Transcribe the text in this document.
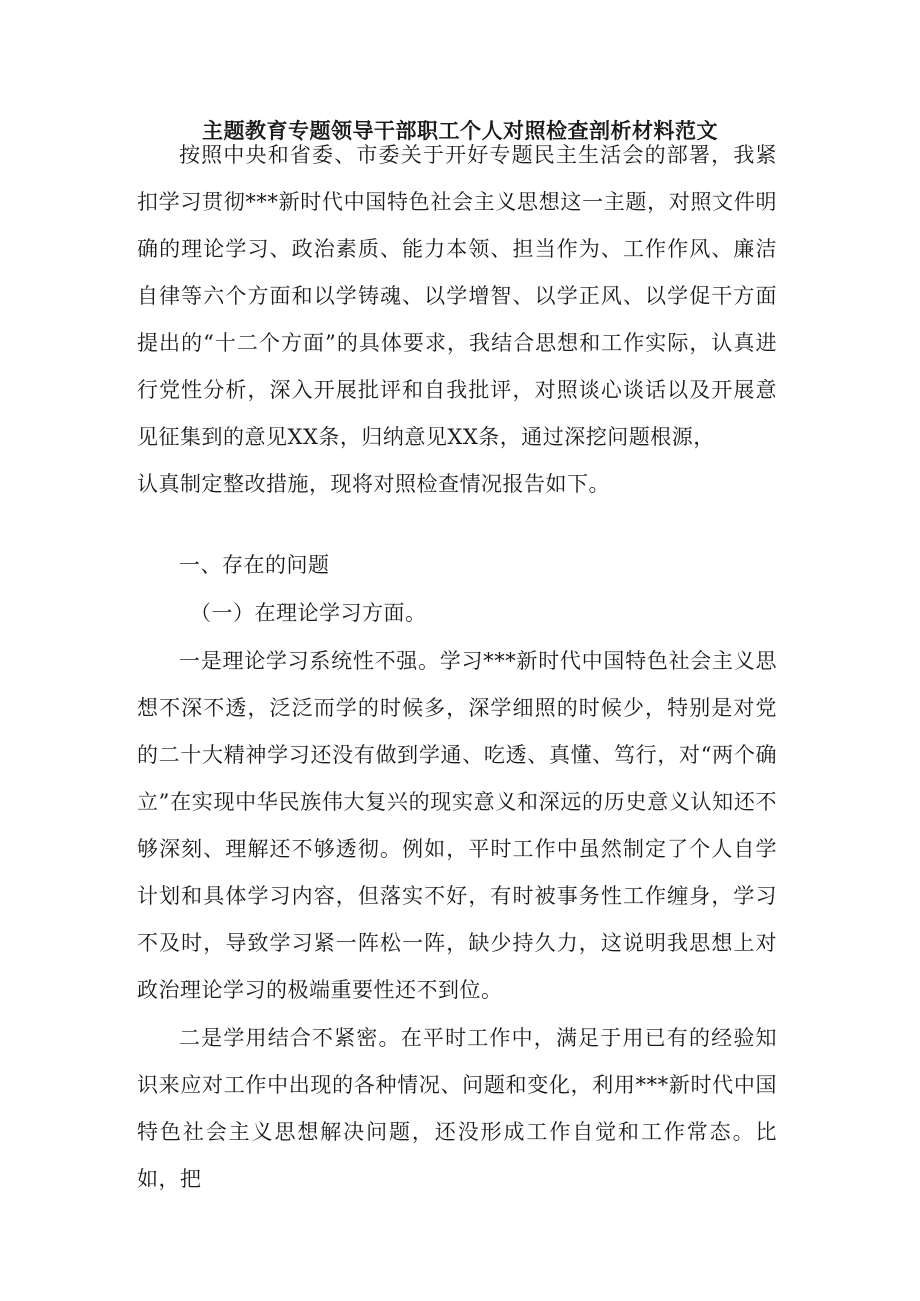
主题教育专题领导干部职工个人对照检查剖析材料范文

按照中央和省委、市委关于开好专题民主生活会的部署，我紧扣学习贯彻***新时代中国特色社会主义思想这一主题，对照文件明确的理论学习、政治素质、能力本领、担当作为、工作作风、廉洁自律等六个方面和以学铸魂、以学增智、以学正风、以学促干方面提出的“十二个方面”的具体要求，我结合思想和工作实际，认真进行党性分析，深入开展批评和自我批评，对照谈心谈话以及开展意见征集到的意见XX条，归纳意见XX条，通过深挖问题根源，
认真制定整改措施，现将对照检查情况报告如下。

一、存在的问题

（一）在理论学习方面。

一是理论学习系统性不强。学习***新时代中国特色社会主义思想不深不透，泛泛而学的时候多，深学细照的时候少，特别是对党的二十大精神学习还没有做到学通、吃透、真懂、笃行，对“两个确立”在实现中华民族伟大复兴的现实意义和深远的历史意义认知还不够深刻、理解还不够透彻。例如，平时工作中虽然制定了个人自学计划和具体学习内容，但落实不好，有时被事务性工作缠身，学习不及时，导致学习紧一阵松一阵，缺少持久力，这说明我思想上对政治理论学习的极端重要性还不到位。

二是学用结合不紧密。在平时工作中，满足于用已有的经验知识来应对工作中出现的各种情况、问题和变化，利用***新时代中国特色社会主义思想解决问题，还没形成工作自觉和工作常态。比如，把
